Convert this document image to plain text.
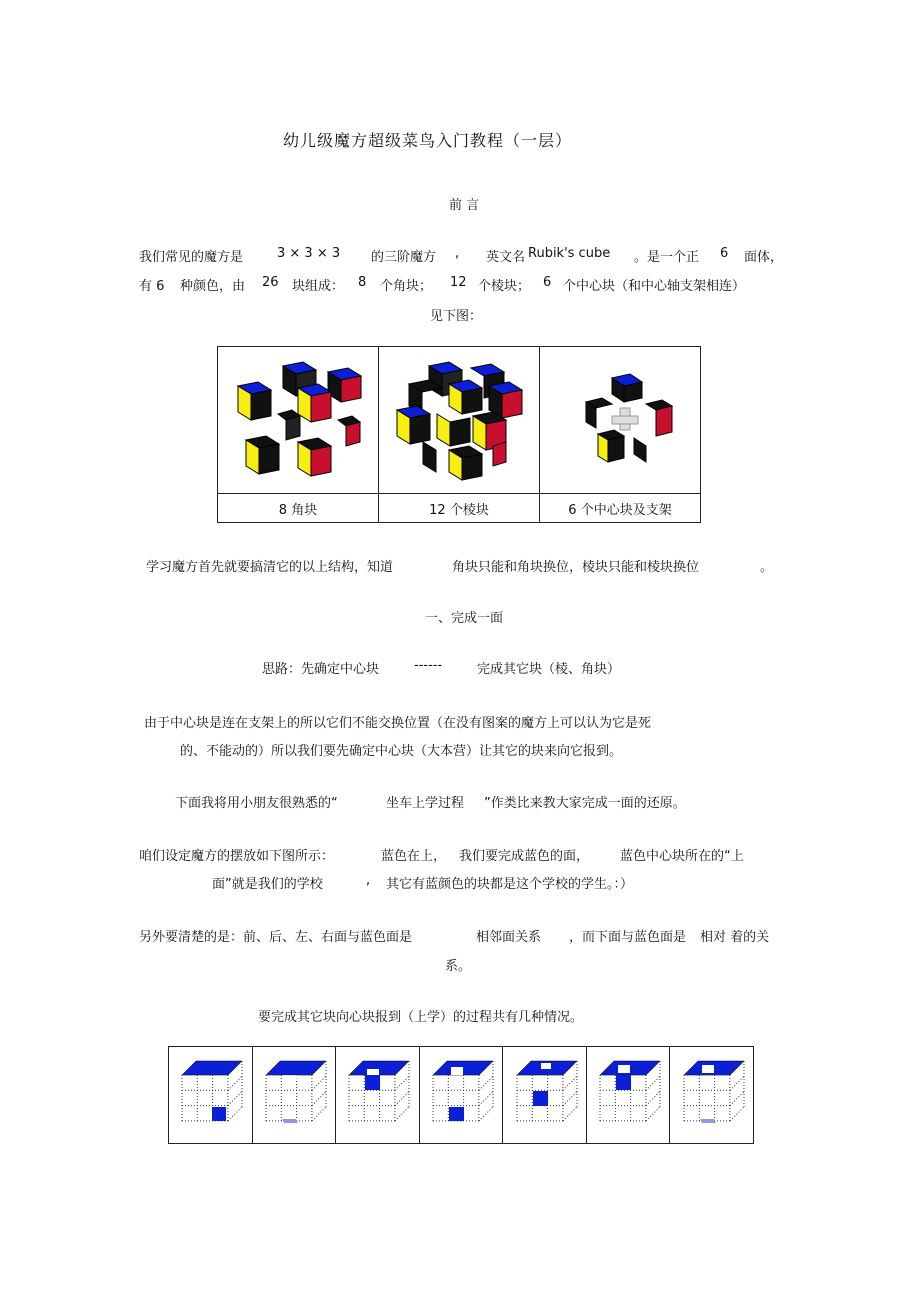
幼儿级魔方超级菜鸟入门教程（一层）
前 言
我们常见的魔方是	3 × 3 × 3 的三阶魔方 , 英文名 Rubik's cube 。是一个正 6 面体，
有 6 种颜色，由 26 块组成： 8 个角块； 12 个棱块； 6 个中心块（和中心轴支架相连）
见下图：

8 角块	12 个棱块	6 个中心块及支架
学习魔方首先就要搞清它的以上结构，知道	角块只能和角块换位，棱块只能和棱块换位	。
一、完成一面
思路：先确定中心块	------	完成其它块（棱、角块）
由于中心块是连在支架上的所以它们不能交换位置（在没有图案的魔方上可以认为它是死
的、不能动的）所以我们要先确定中心块（大本营）让其它的块来向它报到。
下面我将用小朋友很熟悉的“	坐车上学过程 ”作类比来教大家完成一面的还原。
咱们设定魔方的摆放如下图所示：	蓝色在上， 我们要完成蓝色的面， 蓝色中心块所在的“上
面”就是我们的学校	, 其它有蓝颜色的块都是这个学校的学生。：）
另外要清楚的是：前、后、左、右面与蓝色面是	相邻面关系 ，而下面与蓝色面是 相对 着的关
系。
要完成其它块向心块报到（上学）的过程共有几种情况。
